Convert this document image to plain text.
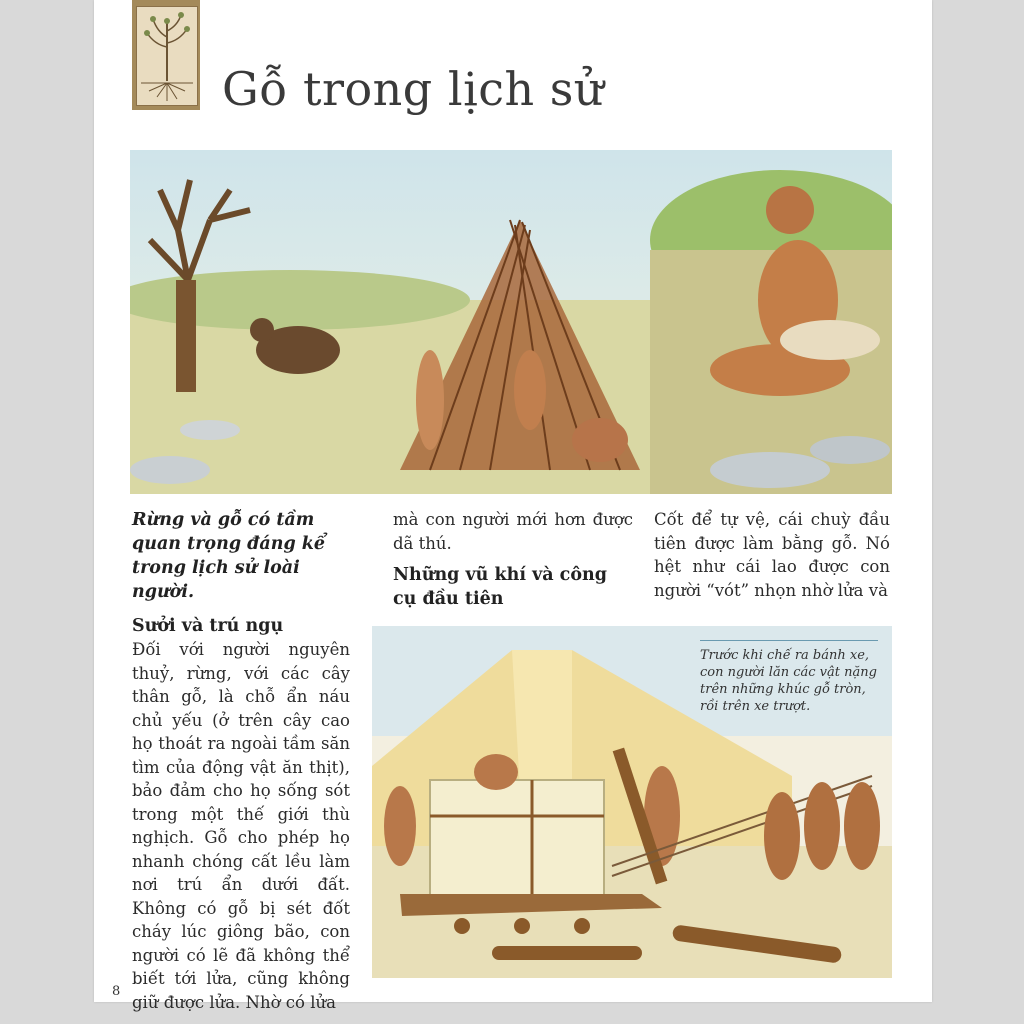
Gỗ trong lịch sử

Rừng và gỗ có tầm quan trọng đáng kể trong lịch sử loài người.

Sưởi và trú ngụ

Đối với người nguyên thuỷ, rừng, với các cây thân gỗ, là chỗ ẩn náu chủ yếu (ở trên cây cao họ thoát ra ngoài tầm săn tìm của động vật ăn thịt), bảo đảm cho họ sống sót trong một thế giới thù nghịch. Gỗ cho phép họ nhanh chóng cất lều làm nơi trú ẩn dưới đất. Không có gỗ bị sét đốt cháy lúc giông bão, con người có lẽ đã không thể biết tới lửa, cũng không giữ được lửa. Nhờ có lửa

mà con người mới hơn được dã thú.

Những vũ khí và công cụ đầu tiên

Cốt để tự vệ, cái chuỳ đầu tiên được làm bằng gỗ. Nó hệt như cái lao được con người “vót” nhọn nhờ lửa và

Trước khi chế ra bánh xe, con người lăn các vật nặng trên những khúc gỗ tròn, rồi trên xe trượt.
8
